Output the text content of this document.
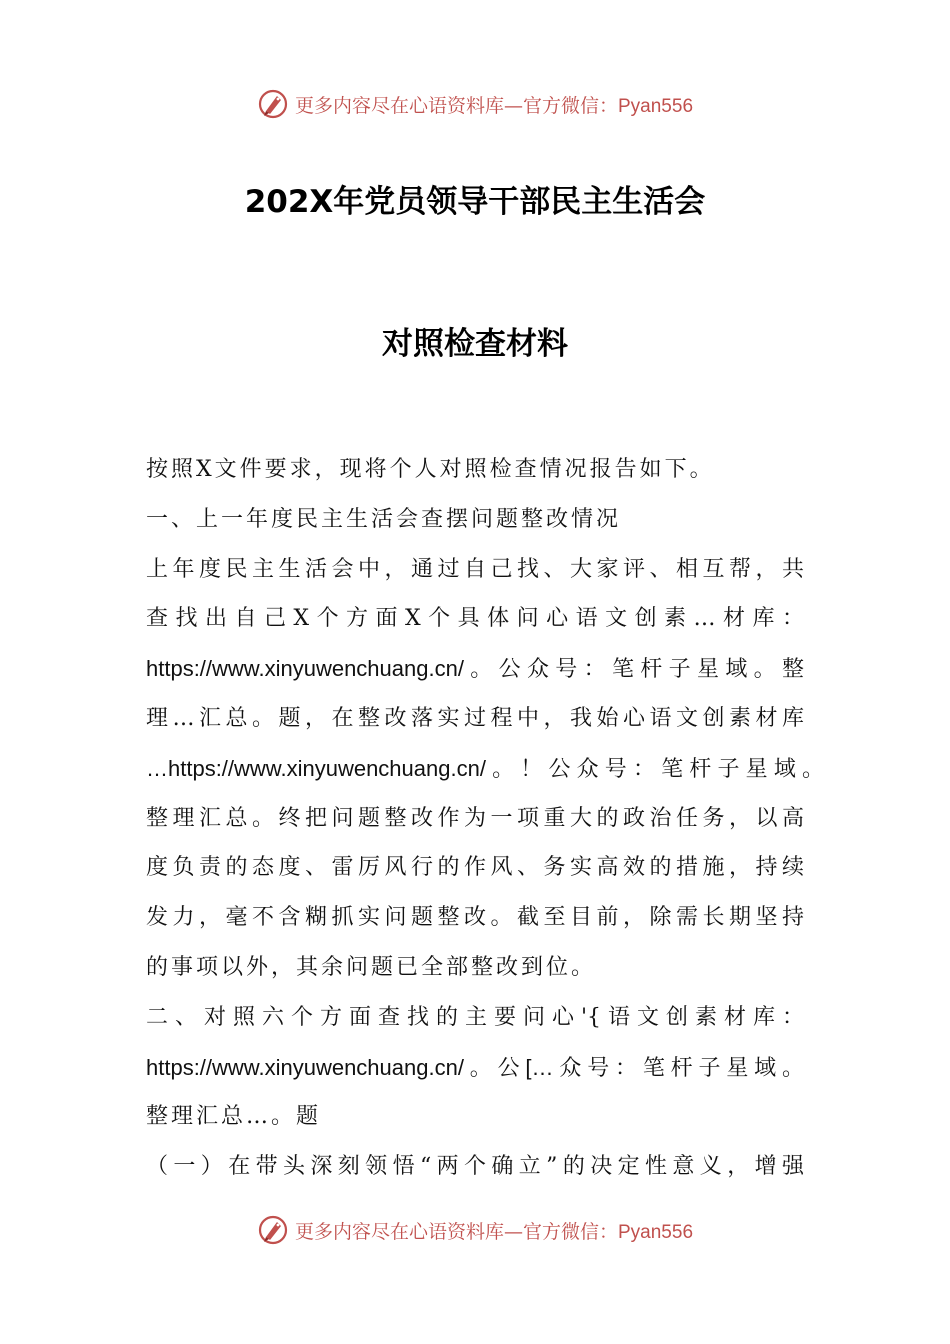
更多内容尽在心语资料库—官方微信：Pyan556
202X年党员领导干部民主生活会
对照检查材料
按照X文件要求，现将个人对照检查情况报告如下。
一、上一年度民主生活会查摆问题整改情况
上年度民主生活会中，通过自己找、大家评、相互帮，共
查找出自己X个方面X个具体问心语文创素…材库：
https://www.xinyuwenchuang.cn/。公众号：笔杆子星域。整
理…汇总。题，在整改落实过程中，我始心语文创素材库
…https://www.xinyuwenchuang.cn/。！公众号：笔杆子星域。
整理汇总。终把问题整改作为一项重大的政治任务，以高
度负责的态度、雷厉风行的作风、务实高效的措施，持续
发力，毫不含糊抓实问题整改。截至目前，除需长期坚持
的事项以外，其余问题已全部整改到位。
二、对照六个方面查找的主要问心'{语文创素材库：
https://www.xinyuwenchuang.cn/。公[…众号：笔杆子星域。
整理汇总…。题
（一）在带头深刻领悟“两个确立”的决定性意义，增强
更多内容尽在心语资料库—官方微信：Pyan556
